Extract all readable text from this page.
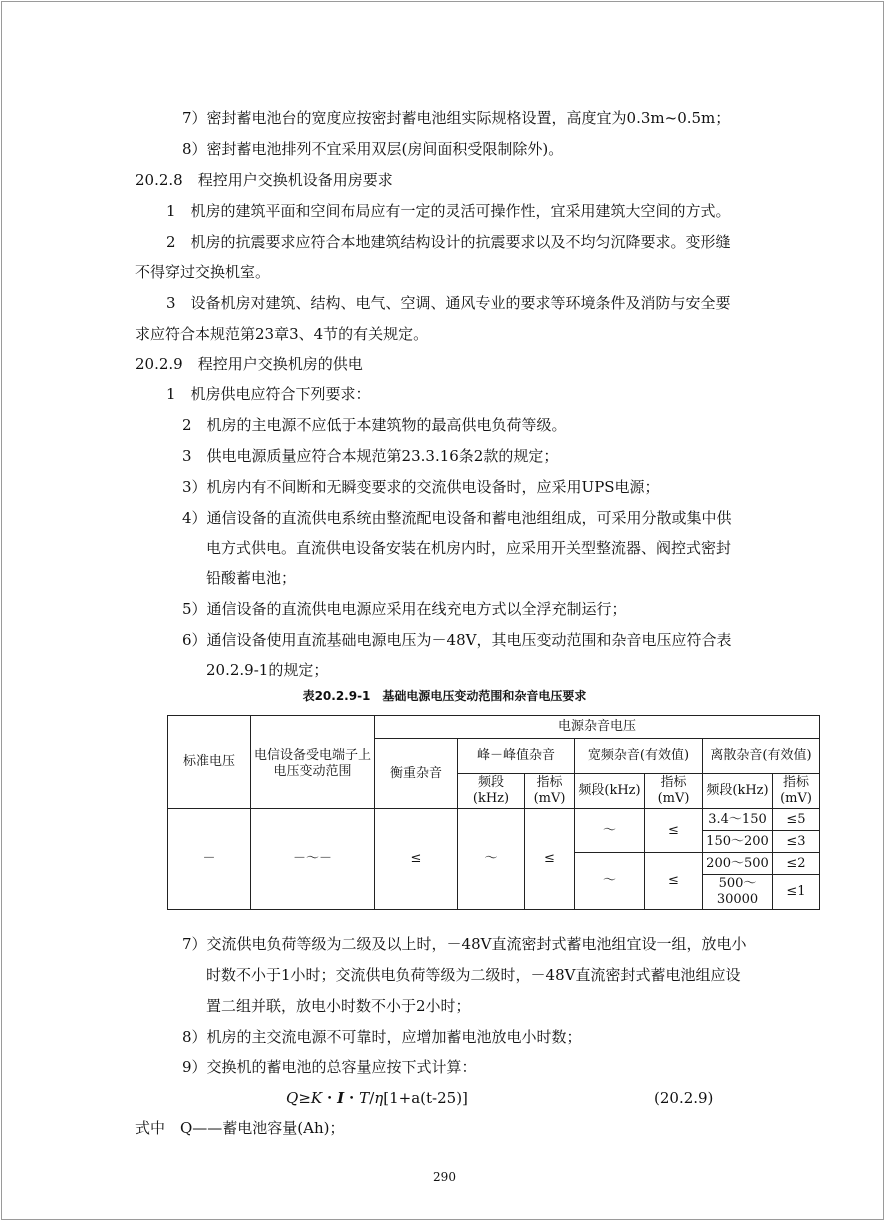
7）密封蓄电池台的宽度应按密封蓄电池组实际规格设置，高度宜为0.3m~0.5m；
8）密封蓄电池排列不宜采用双层(房间面积受限制除外)。
20.2.8　程控用户交换机设备用房要求
1　机房的建筑平面和空间布局应有一定的灵活可操作性，宜采用建筑大空间的方式。
2　机房的抗震要求应符合本地建筑结构设计的抗震要求以及不均匀沉降要求。变形缝
不得穿过交换机室。
3　设备机房对建筑、结构、电气、空调、通风专业的要求等环境条件及消防与安全要
求应符合本规范第23章3、4节的有关规定。
20.2.9　程控用户交换机房的供电
1　机房供电应符合下列要求：
2　机房的主电源不应低于本建筑物的最高供电负荷等级。
3　供电电源质量应符合本规范第23.3.16条2款的规定；
3）机房内有不间断和无瞬变要求的交流供电设备时，应采用UPS电源；
4）通信设备的直流供电系统由整流配电设备和蓄电池组组成，可采用分散或集中供
电方式供电。直流供电设备安装在机房内时，应采用开关型整流器、阀控式密封
铅酸蓄电池；
5）通信设备的直流供电电源应采用在线充电方式以全浮充制运行；
6）通信设备使用直流基础电源电压为－48V，其电压变动范围和杂音电压应符合表
20.2.9-1的规定；
表20.2.9-1　基础电源电压变动范围和杂音电压要求
标准电压	电信设备受电端子上电压变动范围	电源杂音电压						
		衡重杂音	峰－峰值杂音		宽频杂音(有效值)		离散杂音(有效值)	
			频段(kHz)	指标(mV)	频段(kHz)	指标(mV)	频段(kHz)	指标(mV)
－	－～－	≤	～	≤	～	≤	3.4～150	≤5
							150～200	≤3
					～	≤	200～500	≤2
							500～30000	≤1
7）交流供电负荷等级为二级及以上时，－48V直流密封式蓄电池组宜设一组，放电小
时数不小于1小时；交流供电负荷等级为二级时，－48V直流密封式蓄电池组应设
置二组并联，放电小时数不小于2小时；
8）机房的主交流电源不可靠时，应增加蓄电池放电小时数；
9）交换机的蓄电池的总容量应按下式计算：
Q≥K・I・T/η[1+a(t-25)]	(20.2.9)
式中　Q——蓄电池容量(Ah)；
290
